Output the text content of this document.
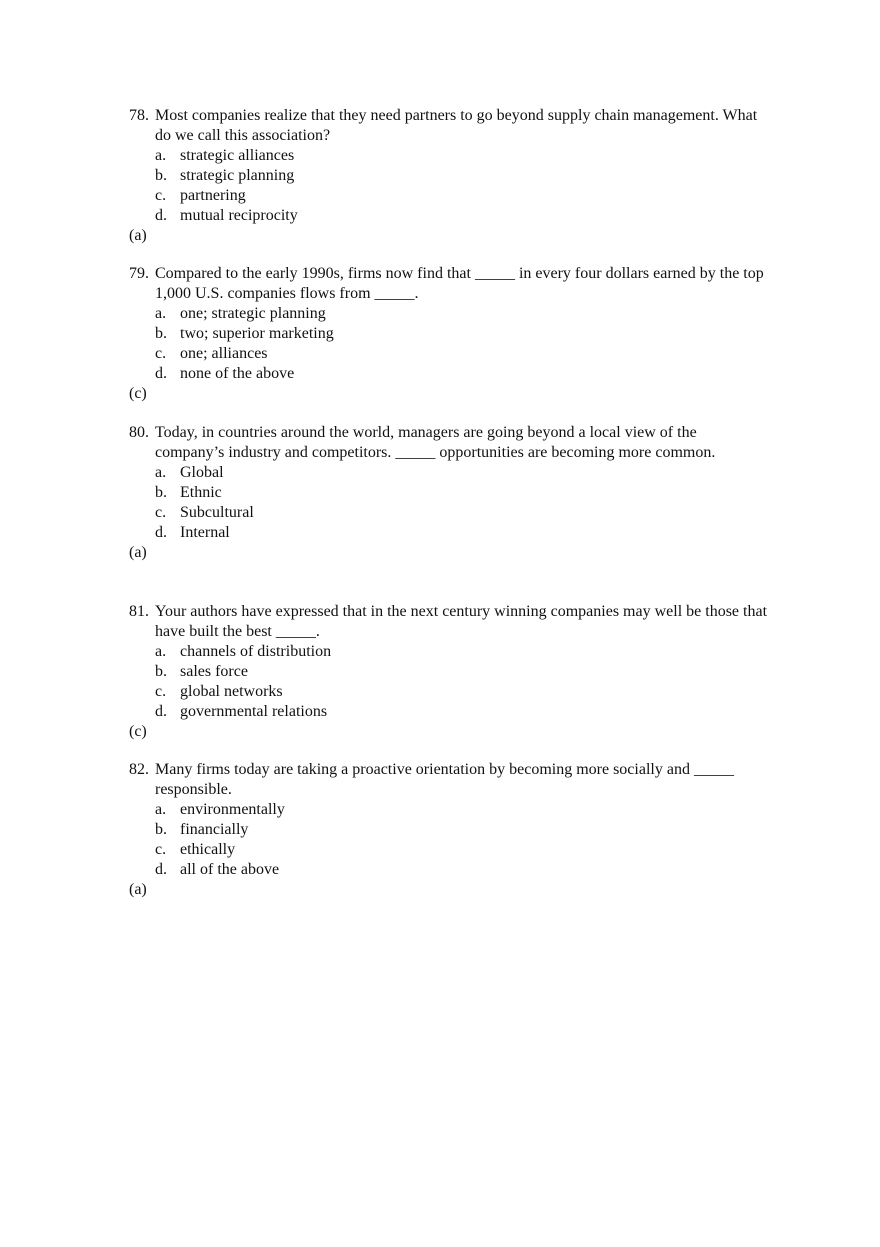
78. Most companies realize that they need partners to go beyond supply chain management. What do we call this association?
a. strategic alliances
b. strategic planning
c. partnering
d. mutual reciprocity
(a)
79. Compared to the early 1990s, firms now find that _____ in every four dollars earned by the top 1,000 U.S. companies flows from _____.
a. one; strategic planning
b. two; superior marketing
c. one; alliances
d. none of the above
(c)
80. Today, in countries around the world, managers are going beyond a local view of the company’s industry and competitors. _____ opportunities are becoming more common.
a. Global
b. Ethnic
c. Subcultural
d. Internal
(a)
81. Your authors have expressed that in the next century winning companies may well be those that have built the best _____.
a. channels of distribution
b. sales force
c. global networks
d. governmental relations
(c)
82. Many firms today are taking a proactive orientation by becoming more socially and _____ responsible.
a. environmentally
b. financially
c. ethically
d. all of the above
(a)
